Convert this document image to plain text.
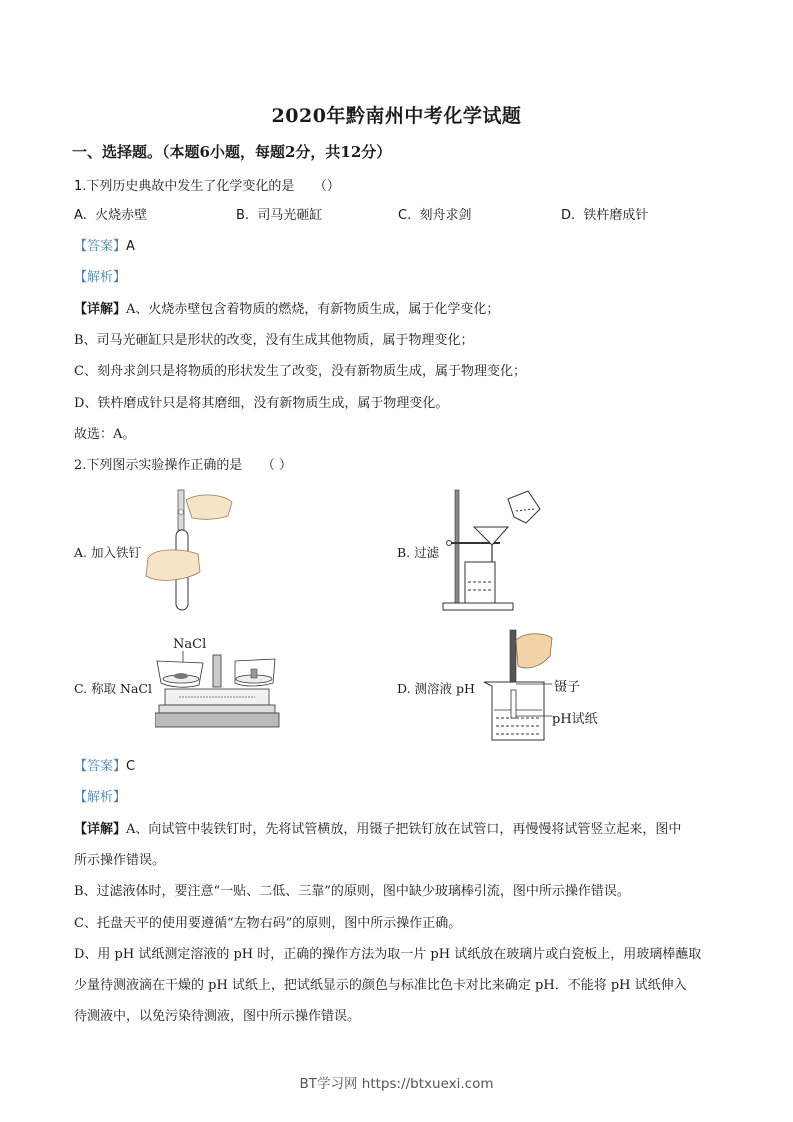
2020年黔南州中考化学试题
一、选择题。（本题6小题，每题2分，共12分）
1.下列历史典故中发生了化学变化的是　　（）
A. 火烧赤壁	B. 司马光砸缸	C. 刻舟求剑	D. 铁杵磨成针
【答案】A
【解析】
【详解】A、火烧赤壁包含着物质的燃烧，有新物质生成，属于化学变化；
B、司马光砸缸只是形状的改变，没有生成其他物质，属于物理变化；
C、刻舟求剑只是将物质的形状发生了改变，没有新物质生成，属于物理变化；
D、铁杵磨成针只是将其磨细，没有新物质生成，属于物理变化。
故选：A。
2.下列图示实验操作正确的是　　（ ）
A. 加入铁钉	B. 过滤
C. 称取 NaCl
NaCl
D. 测溶液 pH	镊子
pH试纸
【答案】C
【解析】
【详解】A、向试管中装铁钉时，先将试管横放，用镊子把铁钉放在试管口，再慢慢将试管竖立起来，图中
所示操作错误。
B、过滤液体时，要注意“一贴、二低、三靠”的原则，图中缺少玻璃棒引流，图中所示操作错误。
C、托盘天平的使用要遵循“左物右码”的原则，图中所示操作正确。
D、用 pH 试纸测定溶液的 pH 时，正确的操作方法为取一片 pH 试纸放在玻璃片或白瓷板上，用玻璃棒蘸取
少量待测液滴在干燥的 pH 试纸上，把试纸显示的颜色与标准比色卡对比来确定 pH．不能将 pH 试纸伸入
待测液中，以免污染待测液，图中所示操作错误。
BT学习网 https://btxuexi.com
